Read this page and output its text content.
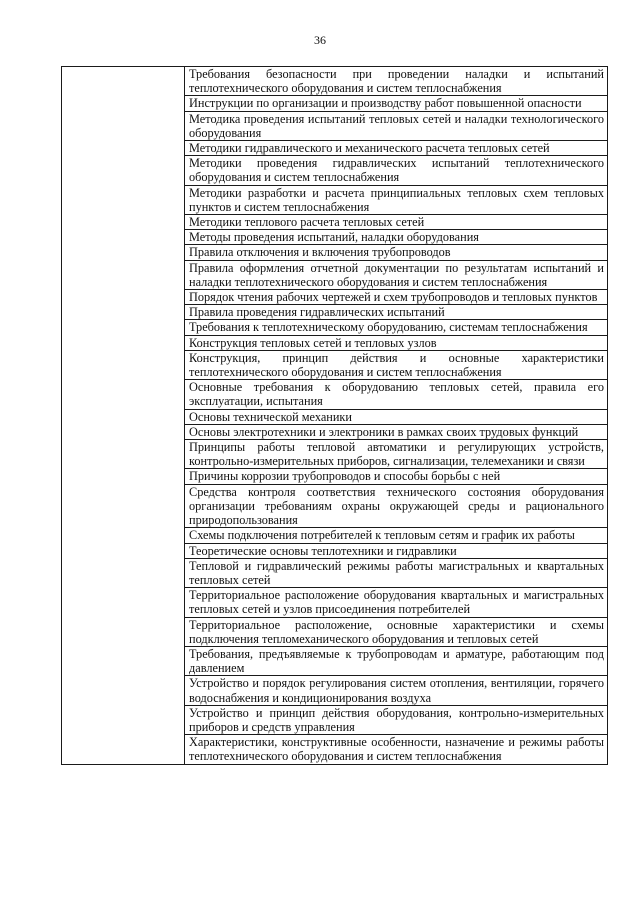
36
	Требования безопасности при проведении наладки и испытаний теплотехнического оборудования и систем теплоснабжения
Инструкции по организации и производству работ повышенной опасности
Методика проведения испытаний тепловых сетей и наладки технологического оборудования
Методики гидравлического и механического расчета тепловых сетей
Методики проведения гидравлических испытаний теплотехнического оборудования и систем теплоснабжения
Методики разработки и расчета принципиальных тепловых схем тепловых пунктов и систем теплоснабжения
Методики теплового расчета тепловых сетей
Методы проведения испытаний, наладки оборудования
Правила отключения и включения трубопроводов
Правила оформления отчетной документации по результатам испытаний и наладки теплотехнического оборудования и систем теплоснабжения
Порядок чтения рабочих чертежей и схем трубопроводов и тепловых пунктов
Правила проведения гидравлических испытаний
Требования к теплотехническому оборудованию, системам теплоснабжения
Конструкция тепловых сетей и тепловых узлов
Конструкция, принцип действия и основные характеристики теплотехнического оборудования и систем теплоснабжения
Основные требования к оборудованию тепловых сетей, правила его эксплуатации, испытания
Основы технической механики
Основы электротехники и электроники в рамках своих трудовых функций
Принципы работы тепловой автоматики и регулирующих устройств, контрольно-измерительных приборов, сигнализации, телемеханики и связи
Причины коррозии трубопроводов и способы борьбы с ней
Средства контроля соответствия технического состояния оборудования организации требованиям охраны окружающей среды и рационального природопользования
Схемы подключения потребителей к тепловым сетям и график их работы
Теоретические основы теплотехники и гидравлики
Тепловой и гидравлический режимы работы магистральных и квартальных тепловых сетей
Территориальное расположение оборудования квартальных и магистральных тепловых сетей и узлов присоединения потребителей
Территориальное расположение, основные характеристики и схемы подключения тепломеханического оборудования и тепловых сетей
Требования, предъявляемые к трубопроводам и арматуре, работающим под давлением
Устройство и порядок регулирования систем отопления, вентиляции, горячего водоснабжения и кондиционирования воздуха
Устройство и принцип действия оборудования, контрольно-измерительных приборов и средств управления
Характеристики, конструктивные особенности, назначение и режимы работы теплотехнического оборудования и систем теплоснабжения
